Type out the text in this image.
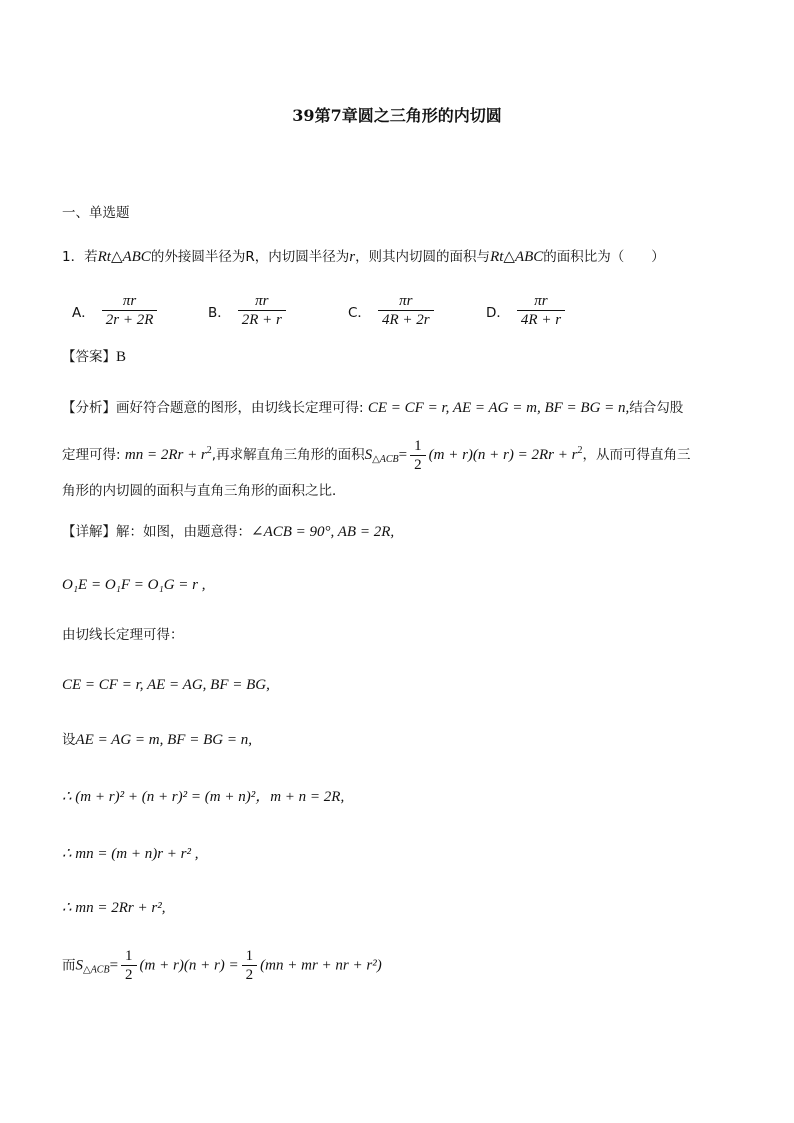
39第7章圆之三角形的内切圆
一、单选题
1．若Rt△ABC的外接圆半径为R，内切圆半径为r，则其内切圆的面积与Rt△ABC的面积比为（　　）
A． $\frac{\pi r}{2r + 2R}$	B． $\frac{\pi r}{2R + r}$	C． $\frac{\pi r}{4R + 2r}$	D． $\frac{\pi r}{4R + r}$
【答案】B
【分析】画好符合题意的图形，由切线长定理可得: CE = CF = r, AE = AG = m, BF = BG = n,结合勾股
定理可得: mn = $2Rr + r^2$,再求解直角三角形的面积$S_{\triangle ACB}= \frac{1}{2} (m + r)(n + r) = 2Rr + r^2$，从而可得直角三
角形的内切圆的面积与直角三角形的面积之比．
【详解】解：如图，由题意得：∠ACB = 90°, AB = 2R,
O₁E = O₁F = O₁G = r ,
由切线长定理可得：
CE = CF = r, AE = AG, BF = BG,
设AE = AG = m, BF = BG = n,
∴ (m + r)² + (n + r)² = (m + n)²，m + n = 2R,
∴ mn = (m + n)r + r² ,
∴ mn = 2Rr + r²,
而$S_{\triangle ACB}= \frac{1}{2} (m + r)(n + r) = \frac{1}{2} (mn$ + mr + nr + r²)
